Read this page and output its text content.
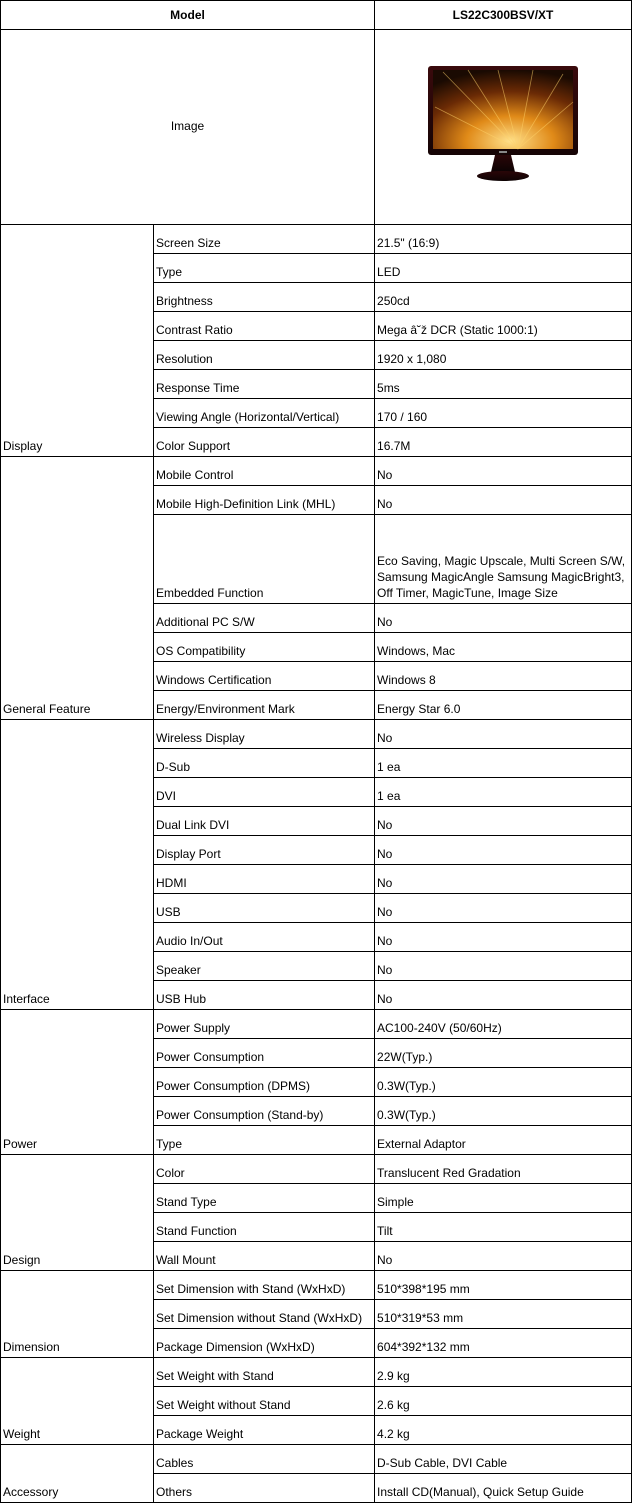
Model		LS22C300BSV/XT
Image	
Display	Screen Size	21.5" (16:9)
	Type	LED
	Brightness	250cd
	Contrast Ratio	Mega â˘ž DCR (Static 1000:1)
	Resolution	1920 x 1,080
	Response Time	5ms
	Viewing Angle (Horizontal/Vertical)	170 / 160
	Color Support	16.7M
General Feature	Mobile Control	No
	Mobile High-Definition Link (MHL)	No
	Embedded Function	Eco Saving, Magic Upscale, Multi Screen S/W, Samsung MagicAngle Samsung MagicBright3, Off Timer, MagicTune, Image Size
	Additional PC S/W	No
	OS Compatibility	Windows, Mac
	Windows Certification	Windows 8
	Energy/Environment Mark	Energy Star 6.0
Interface	Wireless Display	No
	D-Sub	1 ea
	DVI	1 ea
	Dual Link DVI	No
	Display Port	No
	HDMI	No
	USB	No
	Audio In/Out	No
	Speaker	No
	USB Hub	No
Power	Power Supply	AC100-240V (50/60Hz)
	Power Consumption	22W(Typ.)
	Power Consumption (DPMS)	0.3W(Typ.)
	Power Consumption (Stand-by)	0.3W(Typ.)
	Type	External Adaptor
Design	Color	Translucent Red Gradation
	Stand Type	Simple
	Stand Function	Tilt
	Wall Mount	No
Dimension	Set Dimension with Stand (WxHxD)	510*398*195 mm
	Set Dimension without Stand (WxHxD)	510*319*53 mm
	Package Dimension (WxHxD)	604*392*132 mm
Weight	Set Weight with Stand	2.9 kg
	Set Weight without Stand	2.6 kg
	Package Weight	4.2 kg
Accessory	Cables	D-Sub Cable, DVI Cable
	Others	Install CD(Manual), Quick Setup Guide
